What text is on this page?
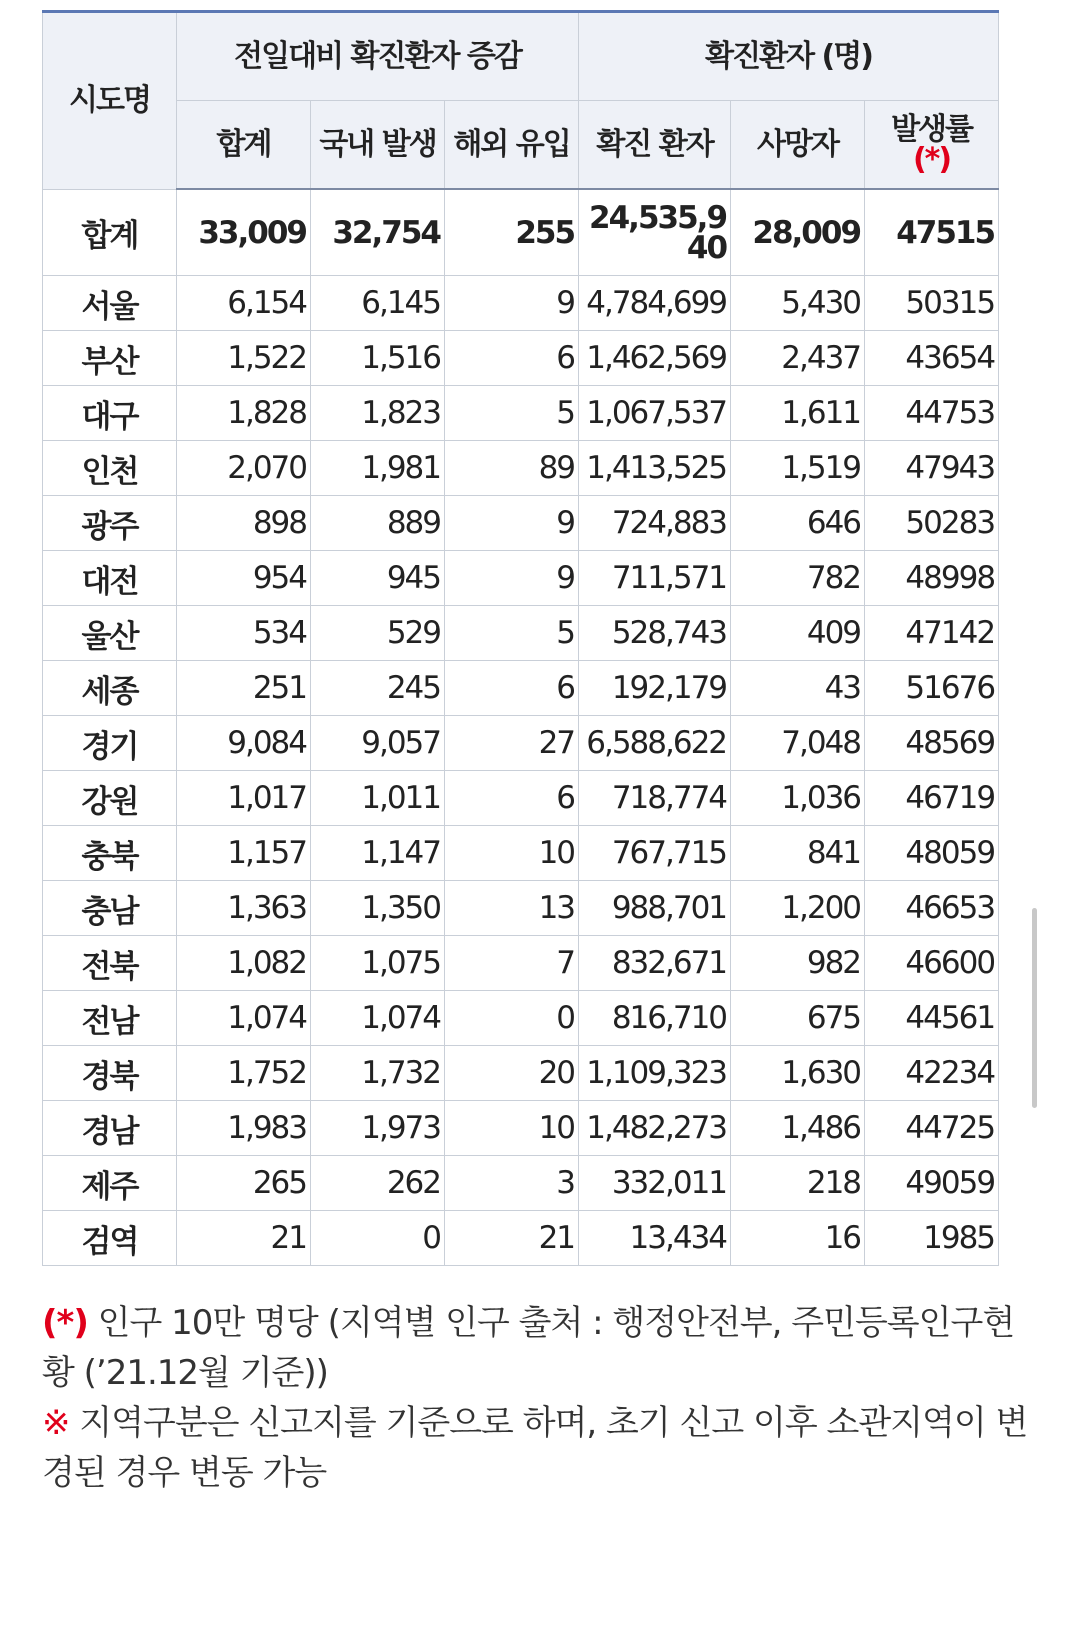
시도명	전일대비 확진환자 증감			확진환자 (명)		
	합계	국내 발생	해외 유입	확진 환자	사망자	발생률
(*)

합계	33,009	32,754	255	24,535,940	28,009	47515
서울	6,154	6,145	9	4,784,699	5,430	50315
부산	1,522	1,516	6	1,462,569	2,437	43654
대구	1,828	1,823	5	1,067,537	1,611	44753
인천	2,070	1,981	89	1,413,525	1,519	47943
광주	898	889	9	724,883	646	50283
대전	954	945	9	711,571	782	48998
울산	534	529	5	528,743	409	47142
세종	251	245	6	192,179	43	51676
경기	9,084	9,057	27	6,588,622	7,048	48569
강원	1,017	1,011	6	718,774	1,036	46719
충북	1,157	1,147	10	767,715	841	48059
충남	1,363	1,350	13	988,701	1,200	46653
전북	1,082	1,075	7	832,671	982	46600
전남	1,074	1,074	0	816,710	675	44561
경북	1,752	1,732	20	1,109,323	1,630	42234
경남	1,983	1,973	10	1,482,273	1,486	44725
제주	265	262	3	332,011	218	49059
검역	21	0	21	13,434	16	1985
(*) 인구 10만 명당 (지역별 인구 출처 : 행정안전부, 주민등록인구현황 (’21.12월 기준))
※ 지역구분은 신고지를 기준으로 하며, 초기 신고 이후 소관지역이 변경된 경우 변동 가능
